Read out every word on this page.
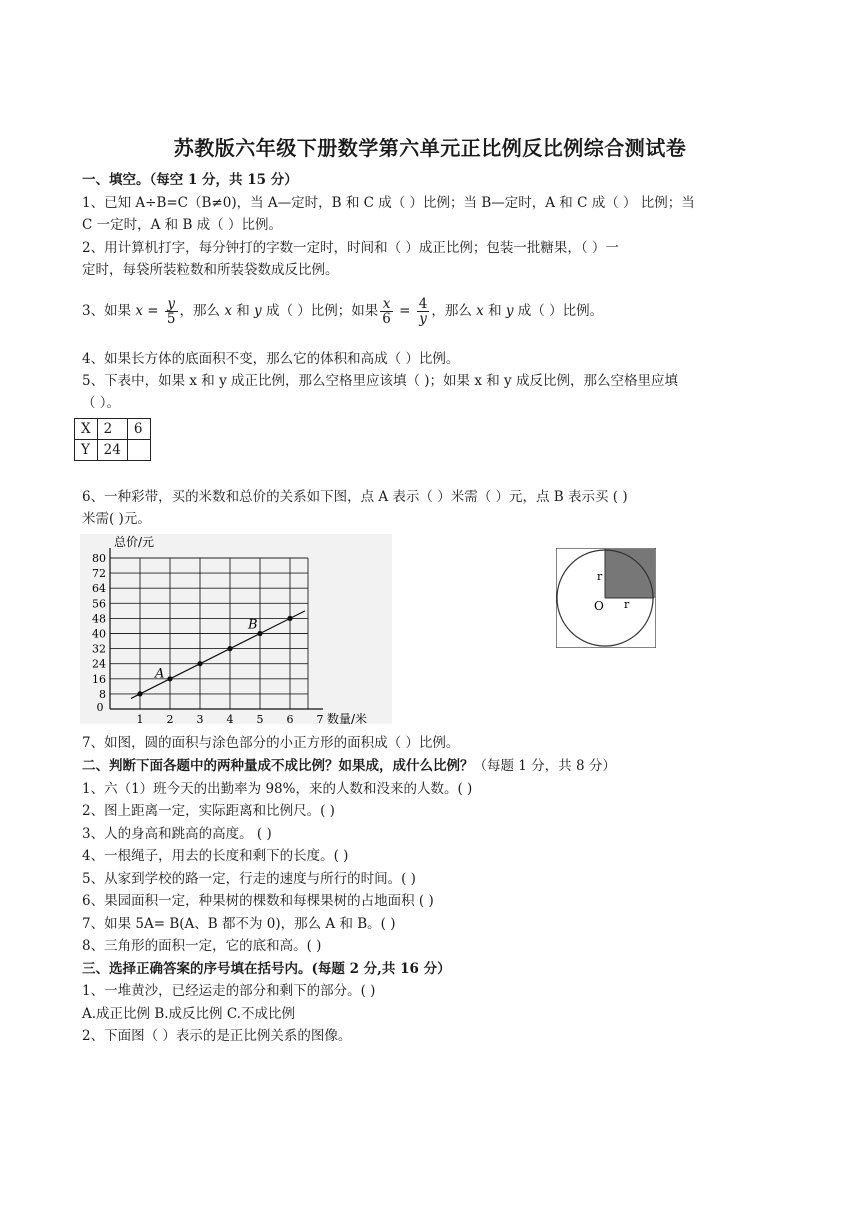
苏教版六年级下册数学第六单元正比例反比例综合测试卷
一、填空。（每空 1 分，共 15 分）
1、已知 A÷B=C（B≠0)，当 A—定时，B 和 C 成（ ）比例；当 B—定时，A 和 C 成（ ） 比例；当
C 一定时，A 和 B 成（ ）比例。
2、用计算机打字，每分钟打的字数一定时，时间和（ ）成正比例；包装一批糖果，（ ）一
定时，每袋所装粒数和所装袋数成反比例。
3、如果 $x = \frac{y}{5}$ ，那么 x 和 y 成（ ）比例；如果 $\frac{x}{6} = \frac{4}{y}$ ，那么 x 和 y 成（ ）比例。
4、如果长方体的底面积不变，那么它的体积和高成（ ）比例。
5、下表中，如果 x 和 y 成正比例，那么空格里应该填（ )；如果 x 和 y 成反比例，那么空格里应填
（ ）。
X	2	6
Y	24	
6、一种彩带，买的米数和总价的关系如下图，点 A 表示（ ）米需（ ）元，点 B 表示买 ( )
米需( )元。
8
16
24
32
40
48
56
64
72
80
0
1 2 3 4 5 6 7
总价/元
数量/米
A
B
r
r
O
7、如图，圆的面积与涂色部分的小正方形的面积成（ ）比例。
二、判断下面各题中的两种量成不成比例？如果成，成什么比例？（每题 1 分，共 8 分）
1、六（1）班今天的出勤率为 98%，来的人数和没来的人数。( )
2、图上距离一定，实际距离和比例尺。( )
3、人的身高和跳高的高度。 ( )
4、一根绳子，用去的长度和剩下的长度。( )
5、从家到学校的路一定，行走的速度与所行的时间。( )
6、果园面积一定，种果树的棵数和每棵果树的占地面积 ( )
7、如果 5A= B(A、B 都不为 0)，那么 A 和 B。( )
8、三角形的面积一定，它的底和高。( )
三、选择正确答案的序号填在括号内。(每题 2 分,共 16 分）
1、一堆黄沙，已经运走的部分和剩下的部分。( )
A.成正比例 B.成反比例 C.不成比例
2、下面图（ ）表示的是正比例关系的图像。
